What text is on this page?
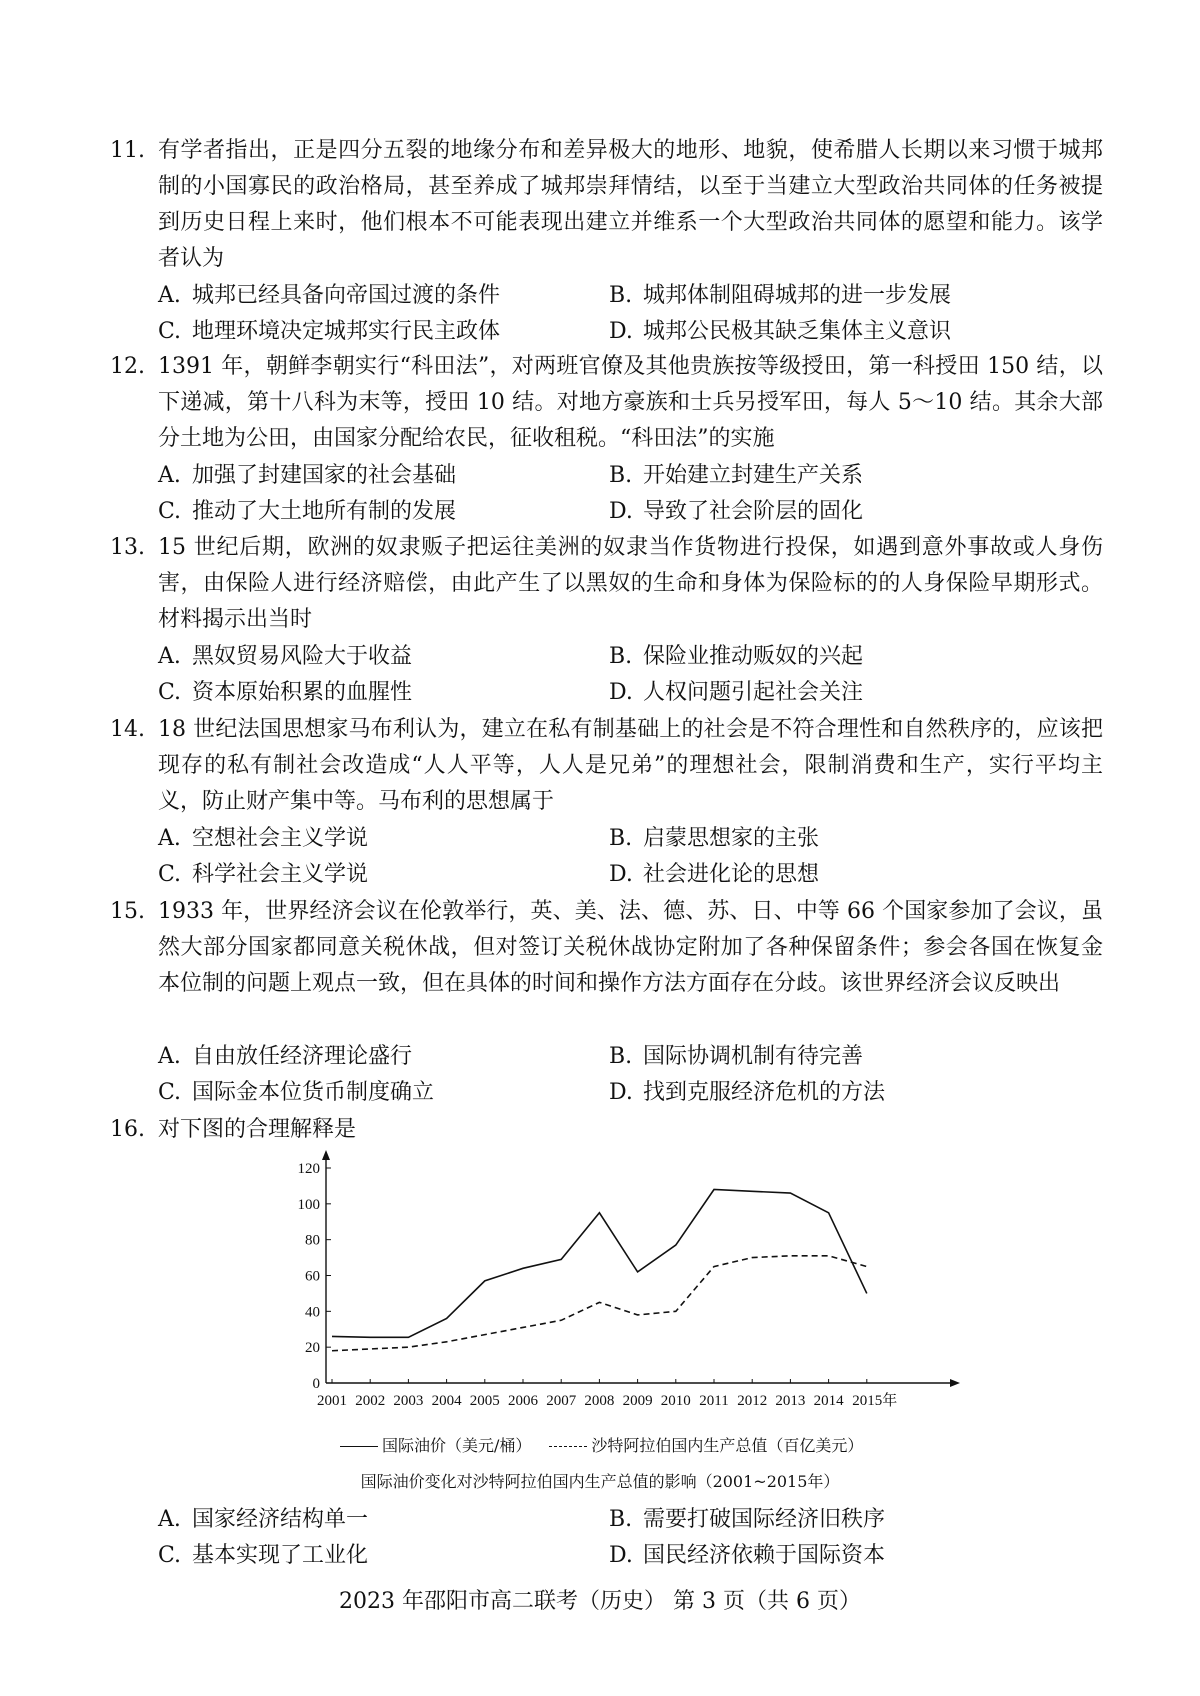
11. 有学者指出，正是四分五裂的地缘分布和差异极大的地形、地貌，使希腊人长期以来习惯于城邦制的小国寡民的政治格局，甚至养成了城邦崇拜情结，以至于当建立大型政治共同体的任务被提到历史日程上来时，他们根本不可能表现出建立并维系一个大型政治共同体的愿望和能力。该学者认为
A. 城邦已经具备向帝国过渡的条件	B. 城邦体制阻碍城邦的进一步发展
C. 地理环境决定城邦实行民主政体	D. 城邦公民极其缺乏集体主义意识
12. 1391 年，朝鲜李朝实行“科田法”，对两班官僚及其他贵族按等级授田，第一科授田 150 结，以下递减，第十八科为末等，授田 10 结。对地方豪族和士兵另授军田，每人 5～10 结。其余大部分土地为公田，由国家分配给农民，征收租税。“科田法”的实施
A. 加强了封建国家的社会基础	B. 开始建立封建生产关系
C. 推动了大土地所有制的发展	D. 导致了社会阶层的固化
13. 15 世纪后期，欧洲的奴隶贩子把运往美洲的奴隶当作货物进行投保，如遇到意外事故或人身伤害，由保险人进行经济赔偿，由此产生了以黑奴的生命和身体为保险标的的人身保险早期形式。材料揭示出当时
A. 黑奴贸易风险大于收益	B. 保险业推动贩奴的兴起
C. 资本原始积累的血腥性	D. 人权问题引起社会关注
14. 18 世纪法国思想家马布利认为，建立在私有制基础上的社会是不符合理性和自然秩序的，应该把现存的私有制社会改造成“人人平等，人人是兄弟”的理想社会，限制消费和生产，实行平均主义，防止财产集中等。马布利的思想属于
A. 空想社会主义学说	B. 启蒙思想家的主张
C. 科学社会主义学说	D. 社会进化论的思想
15. 1933 年，世界经济会议在伦敦举行，英、美、法、德、苏、日、中等 66 个国家参加了会议，虽然大部分国家都同意关税休战，但对签订关税休战协定附加了各种保留条件；参会各国在恢复金本位制的问题上观点一致，但在具体的时间和操作方法方面存在分歧。该世界经济会议反映出
A. 自由放任经济理论盛行	B. 国际协调机制有待完善
C. 国际金本位货币制度确立	D. 找到克服经济危机的方法
16. 对下图的合理解释是
0
20
40
60
80
100
120
2001 2002 2003 2004 2005 2006 2007 2008 2009 2010 2011 2012 2013 2014 2015年
国际油价（美元/桶）	沙特阿拉伯国内生产总值（百亿美元）
国际油价变化对沙特阿拉伯国内生产总值的影响（2001~2015年）
A. 国家经济结构单一	B. 需要打破国际经济旧秩序
C. 基本实现了工业化	D. 国民经济依赖于国际资本
2023 年邵阳市高二联考（历史） 第 3 页（共 6 页）
